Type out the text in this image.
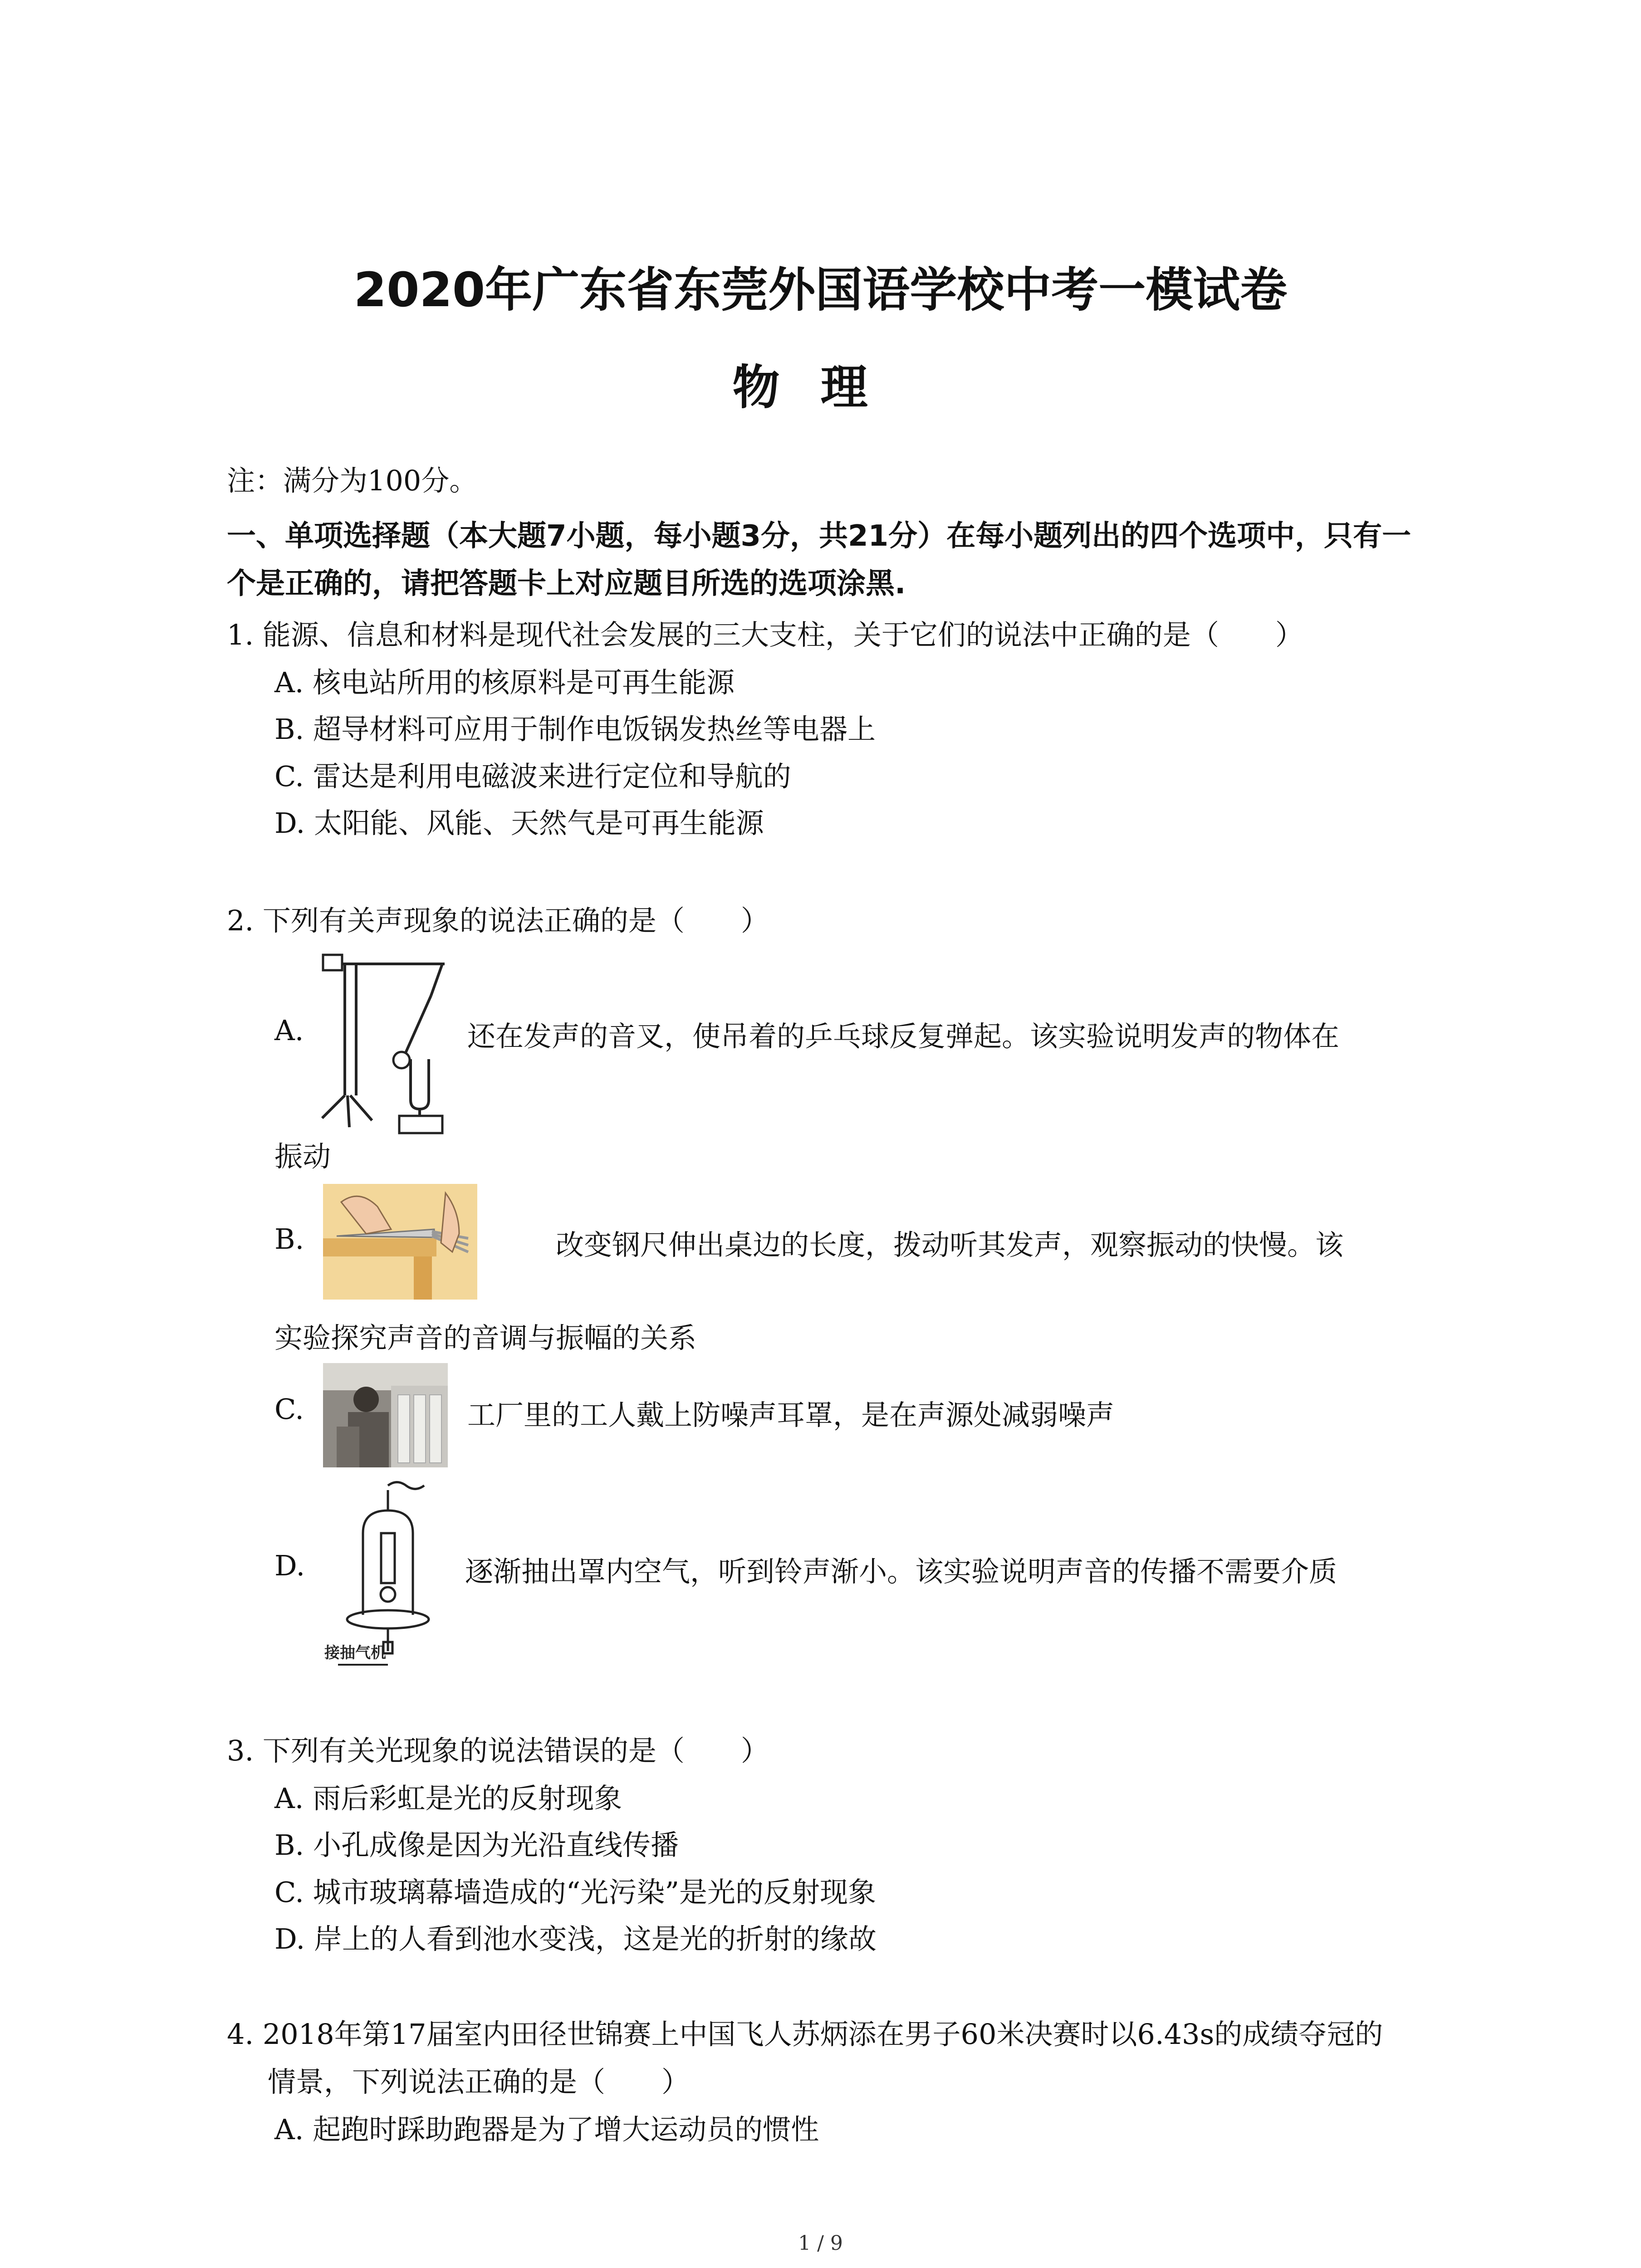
2020年广东省东莞外国语学校中考一模试卷
物理
注：满分为100分。
一、单项选择题（本大题7小题，每小题3分，共21分）在每小题列出的四个选项中，只有一
个是正确的，请把答题卡上对应题目所选的选项涂黑.
1. 能源、信息和材料是现代社会发展的三大支柱，关于它们的说法中正确的是（　　）
A. 核电站所用的核原料是可再生能源
B. 超导材料可应用于制作电饭锅发热丝等电器上
C. 雷达是利用电磁波来进行定位和导航的
D. 太阳能、风能、天然气是可再生能源
2. 下列有关声现象的说法正确的是（　　）
A.	还在发声的音叉，使吊着的乒乓球反复弹起。该实验说明发声的物体在
振动
B.	改变钢尺伸出桌边的长度，拨动听其发声，观察振动的快慢。该
实验探究声音的音调与振幅的关系
C.	工厂里的工人戴上防噪声耳罩，是在声源处减弱噪声
D.
接抽气机
逐渐抽出罩内空气，听到铃声渐小。该实验说明声音的传播不需要介质
3. 下列有关光现象的说法错误的是（　　）
A. 雨后彩虹是光的反射现象
B. 小孔成像是因为光沿直线传播
C. 城市玻璃幕墙造成的“光污染”是光的反射现象
D. 岸上的人看到池水变浅，这是光的折射的缘故
4. 2018年第17届室内田径世锦赛上中国飞人苏炳添在男子60米决赛时以6.43s的成绩夺冠的
情景，下列说法正确的是（　　）
A. 起跑时踩助跑器是为了增大运动员的惯性
1 / 9
